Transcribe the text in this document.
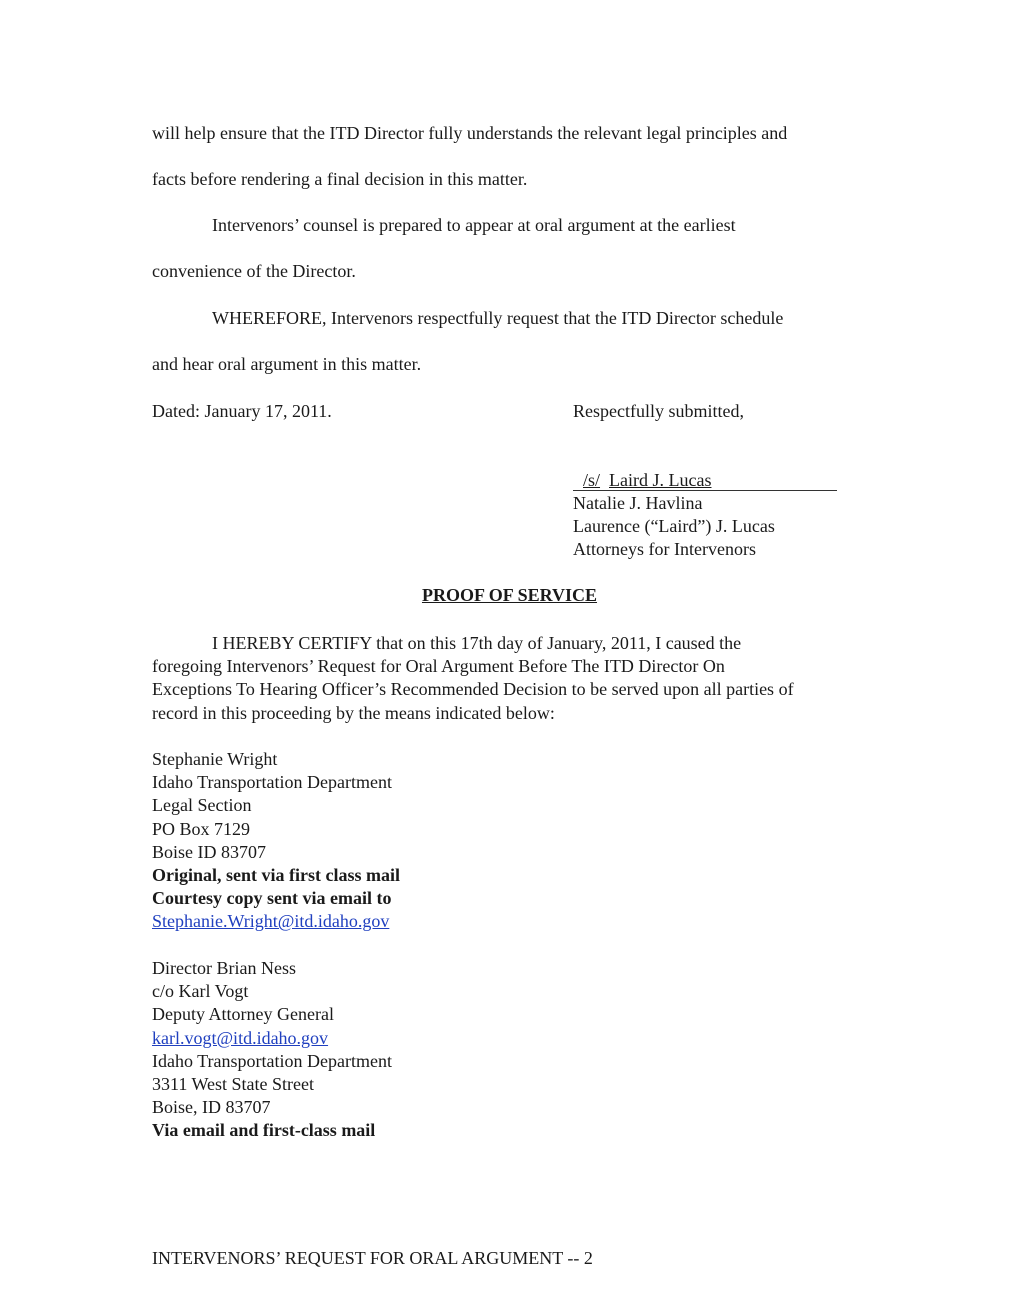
will help ensure that the ITD Director fully understands the relevant legal principles and
facts before rendering a final decision in this matter.
Intervenors’ counsel is prepared to appear at oral argument at the earliest
convenience of the Director.
WHEREFORE, Intervenors respectfully request that the ITD Director schedule
and hear oral argument in this matter.
Dated: January 17, 2011.	Respectfully submitted,
/s/ Laird J. Lucas
Natalie J. Havlina
Laurence (“Laird”) J. Lucas
Attorneys for Intervenors
PROOF OF SERVICE
I HEREBY CERTIFY that on this 17th day of January, 2011, I caused the
foregoing Intervenors’ Request for Oral Argument Before The ITD Director On
Exceptions To Hearing Officer’s Recommended Decision to be served upon all parties of
record in this proceeding by the means indicated below:
Stephanie Wright
Idaho Transportation Department
Legal Section
PO Box 7129
Boise ID 83707
Original, sent via first class mail
Courtesy copy sent via email to
Stephanie.Wright@itd.idaho.gov
Director Brian Ness
c/o Karl Vogt
Deputy Attorney General
karl.vogt@itd.idaho.gov
Idaho Transportation Department
3311 West State Street
Boise, ID 83707
Via email and first-class mail
INTERVENORS’ REQUEST FOR ORAL ARGUMENT -- 2
